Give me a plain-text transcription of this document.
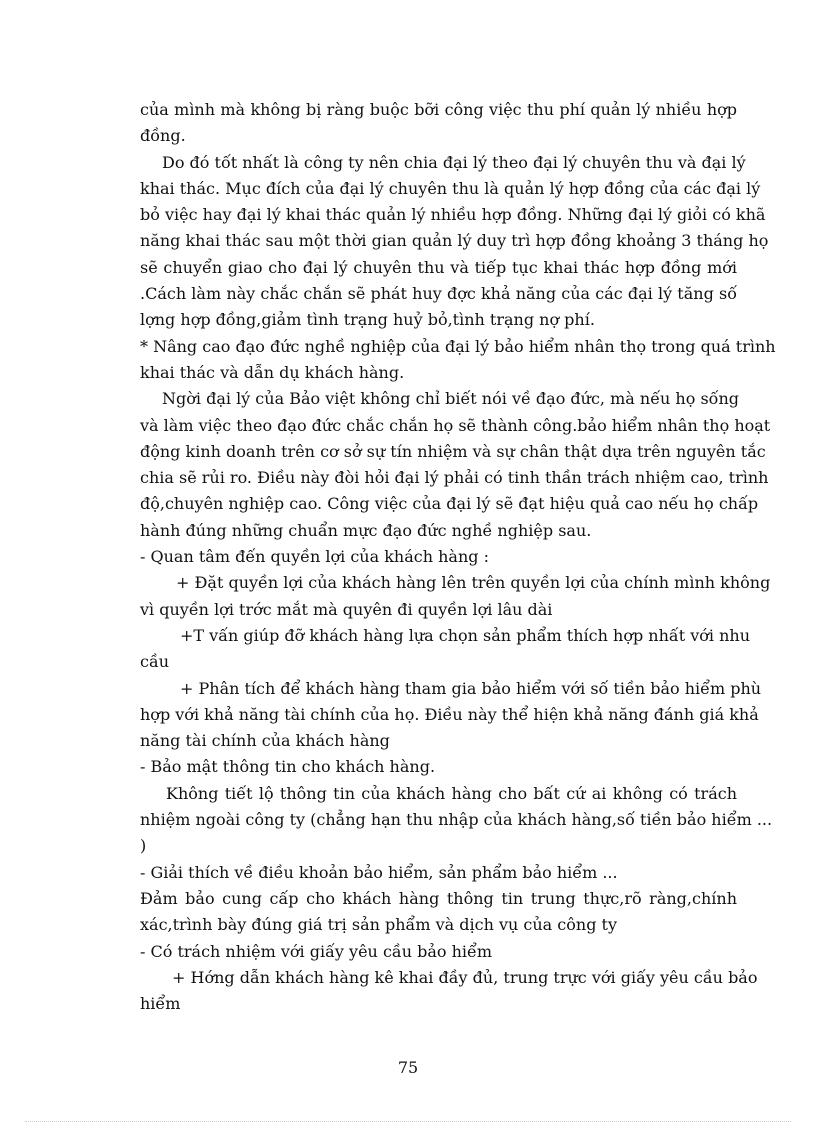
của mình mà không bị ràng buộc bỡi công việc thu phí quản lý nhiều hợp
đồng.
Do đó tốt nhất là công ty nên chia đại lý theo đại lý chuyên thu và đại lý
khai thác. Mục đích của đại lý chuyên thu là quản lý hợp đồng của các đại lý
bỏ việc hay đại lý khai thác quản lý nhiều hợp đồng. Những đại lý giỏi có khã
năng khai thác sau một thời gian quản lý duy trì hợp đồng khoảng 3 tháng họ
sẽ chuyển giao cho đại lý chuyên thu và tiếp tục khai thác hợp đồng mới
.Cách làm này chắc chắn sẽ phát huy đợc khả năng của các đại lý tăng số
lợng hợp đồng,giảm tình trạng huỷ bỏ,tình trạng nợ phí.
* Nâng cao đạo đức nghề nghiệp của đại lý bảo hiểm nhân thọ trong quá trình
khai thác và dẫn dụ khách hàng.
Ngời đại lý của Bảo việt không chỉ biết nói về đạo đức, mà nếu họ sống
và làm việc theo đạo đức chắc chắn họ sẽ thành công.bảo hiểm nhân thọ hoạt
động kinh doanh trên cơ sở sự tín nhiệm và sự chân thật dựa trên nguyên tắc
chia sẽ rủi ro. Điều này đòi hỏi đại lý phải có tinh thần trách nhiệm cao, trình
độ,chuyên nghiệp cao. Công việc của đại lý sẽ đạt hiệu quả cao nếu họ chấp
hành đúng những chuẩn mực đạo đức nghề nghiệp sau.
- Quan tâm đến quyền lợi của khách hàng :
+ Đặt quyền lợi của khách hàng lên trên quyền lợi của chính mình không
vì quyền lợi trớc mắt mà quyên đi quyền lợi lâu dài
+T vấn giúp đỡ khách hàng lựa chọn sản phẩm thích hợp nhất với nhu
cầu
+ Phân tích để khách hàng tham gia bảo hiểm với số tiền bảo hiểm phù
hợp với khả năng tài chính của họ. Điều này thể hiện khả năng đánh giá khả
năng tài chính của khách hàng
- Bảo mật thông tin cho khách hàng.
Không tiết lộ thông tin của khách hàng cho bất cứ ai không có trách
nhiệm ngoài công ty (chẳng hạn thu nhập của khách hàng,số tiền bảo hiểm ...
)
- Giải thích về điều khoản bảo hiểm, sản phẩm bảo hiểm ...
Đảm bảo cung cấp cho khách hàng thông tin trung thực,rõ ràng,chính
xác,trình bày đúng giá trị sản phẩm và dịch vụ của công ty
- Có trách nhiệm với giấy yêu cầu bảo hiểm
+ Hớng dẫn khách hàng kê khai đầy đủ, trung trực với giấy yêu cầu bảo
hiểm
75
